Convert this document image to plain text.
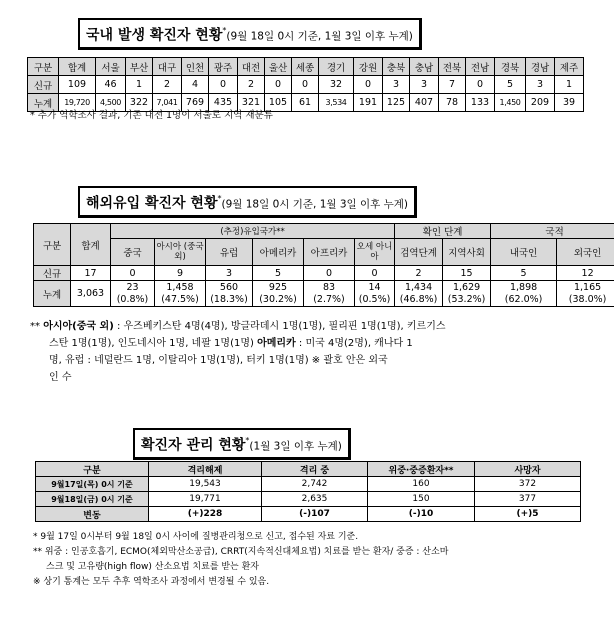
국내 발생 확진자 현황*(9월 18일 0시 기준, 1월 3일 이후 누계)
구분	합계	서울	부산	대구	인천	광주	대전	울산	세종	경기	강원	충북	충남	전북	전남	경북	경남	제주
신규	109	46	1	2	4	0	2	0	0	32	0	3	3	7	0	5	3	1
누계	19,720	4,500	322	7,041	769	435	321	105	61	3,534	191	125	407	78	133	1,450	209	39
* 추가 역학조사 결과, 기존 대전 1명이 서울로 지역 재분류
해외유입 확진자 현황*(9월 18일 0시 기준, 1월 3일 이후 누계)
구분	합계	(추정)유입국가**						확인 단계		국적	
		중국	아시아 (중국 외)	유럽	아메리카	아프리카	오세 아니아	검역단계	지역사회	내국인	외국인
신규	17	0	9	3	5	0	0	2	15	5	12
누계	3,063	23	1,458	560	925	83	14	1,434	1,629	1,898	1,165
		(0.8%)	(47.5%)	(18.3%)	(30.2%)	(2.7%)	(0.5%)	(46.8%)	(53.2%)	(62.0%)	(38.0%)
** 아시아(중국 외) : 우즈베키스탄 4명(4명), 방글라데시 1명(1명), 필리핀 1명(1명), 키르기스
스탄 1명(1명), 인도네시아 1명, 네팔 1명(1명) 아메리카 : 미국 4명(2명), 캐나다 1
명, 유럽 : 네덜란드 1명, 이탈리아 1명(1명), 터키 1명(1명) ※ 괄호 안은 외국
인 수
확진자 관리 현황*(1월 3일 이후 누계)
구분	격리해제	격리 중	위중·중증환자**	사망자
9월17일(목) 0시 기준	19,543	2,742	160	372
9월18일(금) 0시 기준	19,771	2,635	150	377
변동	(+)228	(-)107	(-)10	(+)5
* 9월 17일 0시부터 9월 18일 0시 사이에 질병관리청으로 신고, 접수된 자료 기준.
** 위중 : 인공호흡기, ECMO(체외막산소공급), CRRT(지속적신대체요법) 치료를 받는 환자/ 중증 : 산소마
스크 및 고유량(high flow) 산소요법 치료를 받는 환자
※ 상기 통계는 모두 추후 역학조사 과정에서 변경될 수 있음.
